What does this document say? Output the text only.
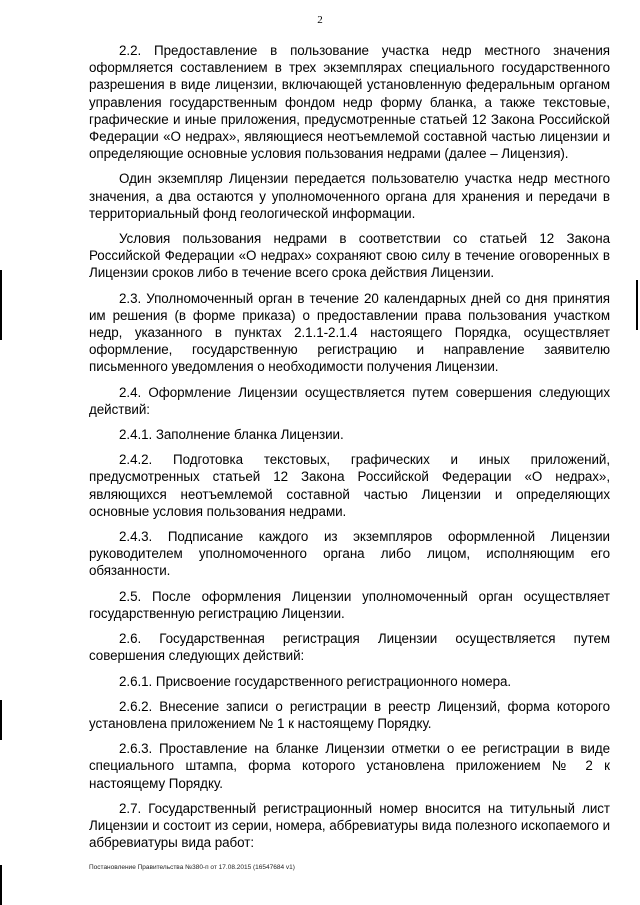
2

2.2. Предоставление в пользование участка недр местного значения оформляется составлением в трех экземплярах специального государственного разрешения в виде лицензии, включающей установленную федеральным органом управления государственным фондом недр форму бланка, а также текстовые, графические и иные приложения, предусмотренные статьей 12 Закона Российской Федерации «О недрах», являющиеся неотъемлемой составной частью лицензии и определяющие основные условия пользования недрами (далее – Лицензия).

Один экземпляр Лицензии передается пользователю участка недр местного значения, а два остаются у уполномоченного органа для хранения и передачи в территориальный фонд геологической информации.

Условия пользования недрами в соответствии со статьей 12 Закона Российской Федерации «О недрах» сохраняют свою силу в течение оговоренных в Лицензии сроков либо в течение всего срока действия Лицензии.

2.3. Уполномоченный орган в течение 20 календарных дней со дня принятия им решения (в форме приказа) о предоставлении права пользования участком недр, указанного в пунктах 2.1.1-2.1.4 настоящего Порядка, осуществляет оформление, государственную регистрацию и направление заявителю письменного уведомления о необходимости получения Лицензии.

2.4. Оформление Лицензии осуществляется путем совершения следующих действий:

2.4.1. Заполнение бланка Лицензии.

2.4.2. Подготовка текстовых, графических и иных приложений, предусмотренных статьей 12 Закона Российской Федерации «О недрах», являющихся неотъемлемой составной частью Лицензии и определяющих основные условия пользования недрами.

2.4.3. Подписание каждого из экземпляров оформленной Лицензии руководителем уполномоченного органа либо лицом, исполняющим его обязанности.

2.5. После оформления Лицензии уполномоченный орган осуществляет государственную регистрацию Лицензии.

2.6. Государственная регистрация Лицензии осуществляется путем совершения следующих действий:

2.6.1. Присвоение государственного регистрационного номера.

2.6.2. Внесение записи о регистрации в реестр Лицензий, форма которого установлена приложением № 1 к настоящему Порядку.

2.6.3. Проставление на бланке Лицензии отметки о ее регистрации в виде специального штампа, форма которого установлена приложением № 2 к настоящему Порядку.

2.7. Государственный регистрационный номер вносится на титульный лист Лицензии и состоит из серии, номера, аббревиатуры вида полезного ископаемого и аббревиатуры вида работ:

Постановление Правительства №380-п от 17.08.2015 (16547684 v1)
